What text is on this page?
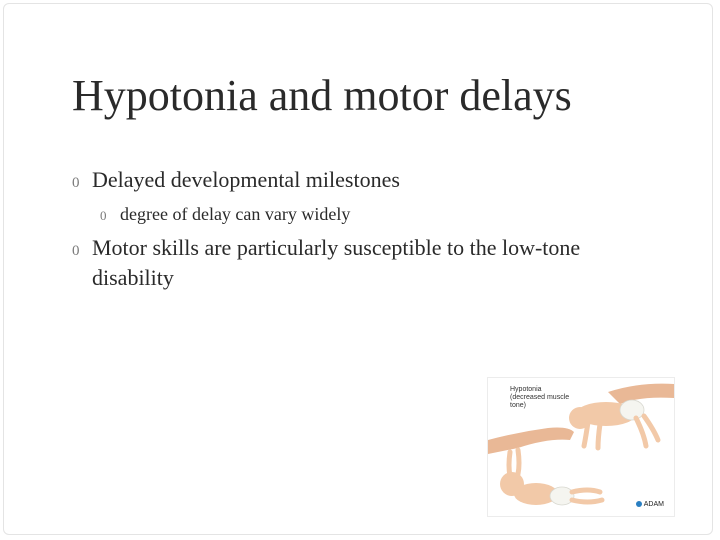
Hypotonia and motor delays
0 Delayed developmental milestones
0 degree of delay can vary widely
0 Motor skills are particularly susceptible to the low-tone disability
Hypotonia (decreased muscle tone)
ADAM
